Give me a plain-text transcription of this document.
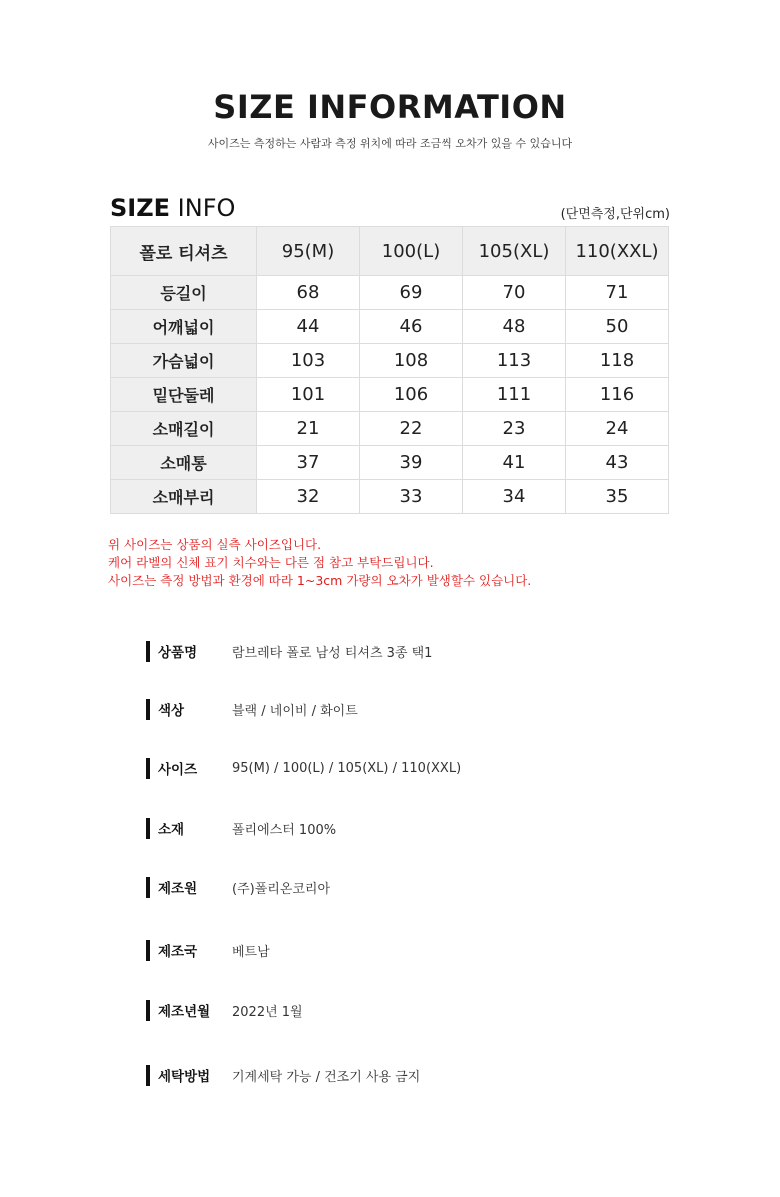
SIZE INFORMATION
사이즈는 측정하는 사람과 측정 위치에 따라 조금씩 오차가 있을 수 있습니다
SIZE INFO	(단면측정,단위cm)
폴로 티셔츠	95(M)	100(L)	105(XL)	110(XXL)
등길이	68	69	70	71
어깨넓이	44	46	48	50
가슴넓이	103	108	113	118
밑단둘레	101	106	111	116
소매길이	21	22	23	24
소매통	37	39	41	43
소매부리	32	33	34	35
위 사이즈는 상품의 실측 사이즈입니다.
케어 라벨의 신체 표기 치수와는 다른 점 참고 부탁드립니다.
사이즈는 측정 방법과 환경에 따라 1~3cm 가량의 오차가 발생할수 있습니다.
상품명	람브레타 폴로 남성 티셔츠 3종 택1
색상	블랙 / 네이비 / 화이트
사이즈	95(M) / 100(L) / 105(XL) / 110(XXL)
소재	폴리에스터 100%
제조원	(주)폴리온코리아
제조국	베트남
제조년월	2022년 1월
세탁방법	기계세탁 가능 / 건조기 사용 금지
